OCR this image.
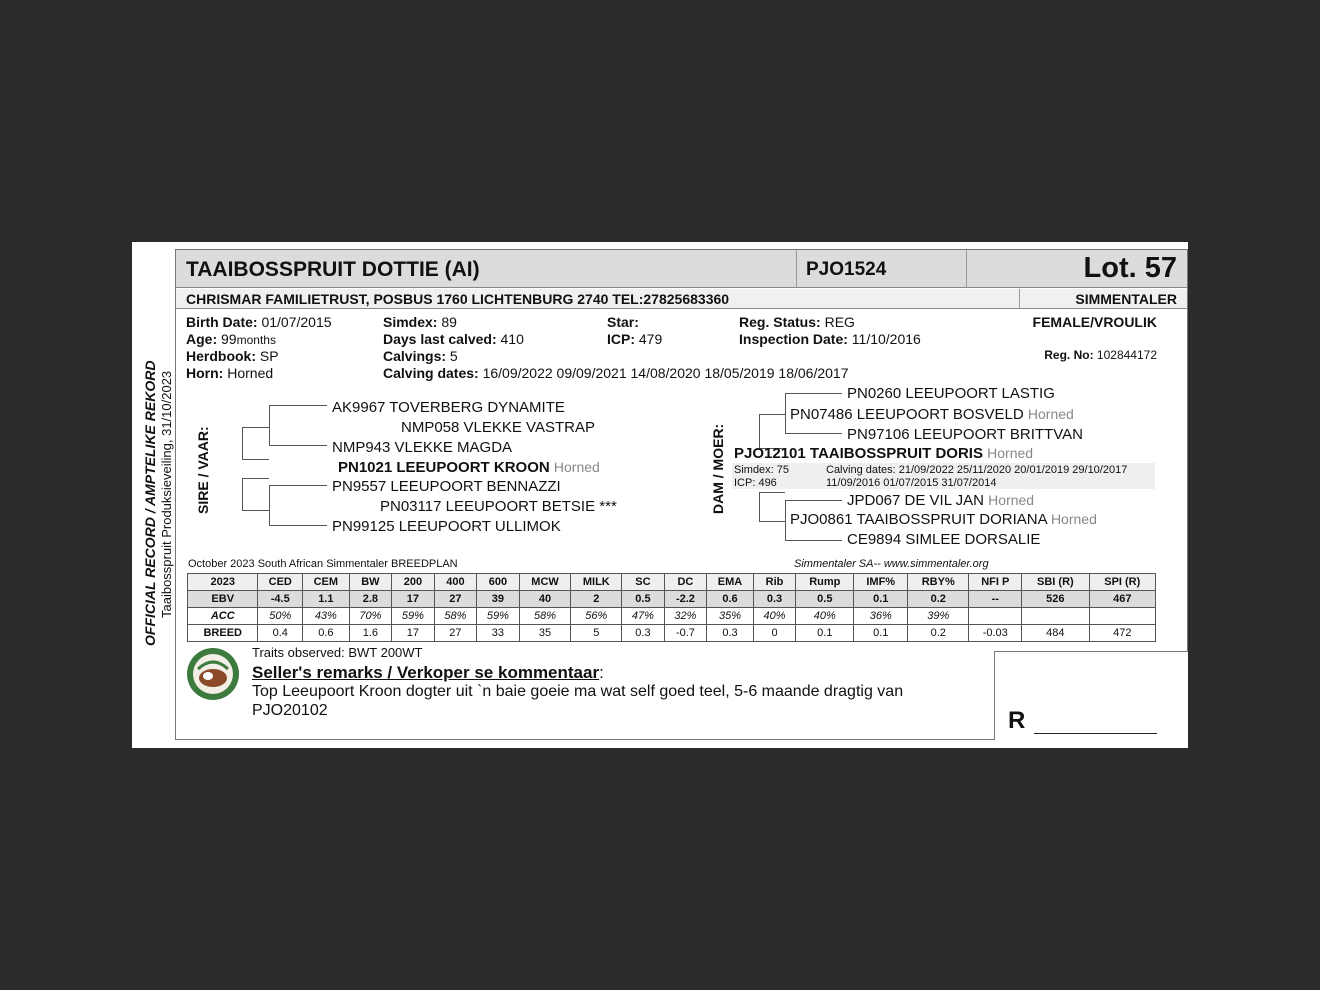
OFFICIAL RECORD / AMPTELIKE REKORD Taaibosspruit Produksieveiling, 31/10/2023
TAAIBOSSPRUIT DOTTIE (AI)	PJO1524	Lot. 57
CHRISMAR FAMILIETRUST, POSBUS 1760 LICHTENBURG 2740 TEL:27825683360	SIMMENTALER
Birth Date: 01/07/2015
Age: 99months
Herdbook: SP
Horn: Horned
Simdex: 89
Days last calved: 410
Calvings: 5
Calving dates: 16/09/2022 09/09/2021 14/08/2020 18/05/2019 18/06/2017
Star:
ICP: 479
Reg. Status: REG
Inspection Date: 11/10/2016
FEMALE/VROULIK
Reg. No: 102844172
SIRE / VAAR:	DAM / MOER:
AK9967 TOVERBERG DYNAMITE
NMP058 VLEKKE VASTRAP
NMP943 VLEKKE MAGDA
PN1021 LEEUPOORT KROON Horned
PN9557 LEEUPOORT BENNAZZI
PN03117 LEEUPOORT BETSIE ***
PN99125 LEEUPOORT ULLIMOK
PN0260 LEEUPOORT LASTIG
PN07486 LEEUPOORT BOSVELD Horned
PN97106 LEEUPOORT BRITTVAN
PJO12101 TAAIBOSSPRUIT DORIS Horned
Simdex: 75
ICP: 496
Calving dates: 21/09/2022 25/11/2020 20/01/2019 29/10/2017
11/09/2016 01/07/2015 31/07/2014
JPD067 DE VIL JAN Horned
PJO0861 TAAIBOSSPRUIT DORIANA Horned
CE9894 SIMLEE DORSALIE
October 2023 South African Simmentaler BREEDPLAN	Simmentaler SA-- www.simmentaler.org
2023	CED	CEM	BW	200	400	600	MCW	MILK	SC	DC	EMA	Rib	Rump	IMF%	RBY%	NFI P	SBI (R)	SPI (R)
EBV	-4.5	1.1	2.8	17	27	39	40	2	0.5	-2.2	0.6	0.3	0.5	0.1	0.2	--	526	467
ACC	50%	43%	70%	59%	58%	59%	58%	56%	47%	32%	35%	40%	40%	36%	39%			
BREED	0.4	0.6	1.6	17	27	33	35	5	0.3	-0.7	0.3	0	0.1	0.1	0.2	-0.03	484	472
Traits observed: BWT 200WT
Seller's remarks / Verkoper se kommentaar:
Top Leeupoort Kroon dogter uit `n baie goeie ma wat self goed teel, 5-6 maande dragtig van PJO20102	R
